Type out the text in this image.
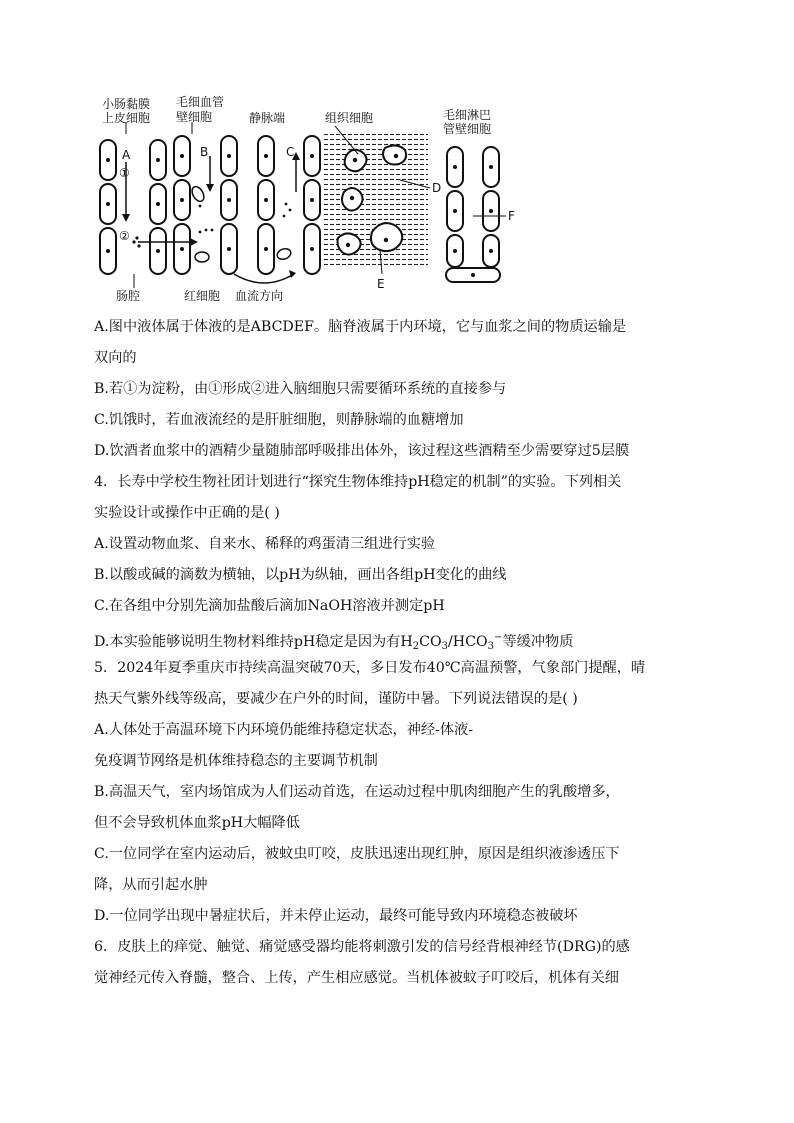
小肠黏膜
上皮细胞
毛细血管
壁细胞	静脉端	组织细胞	毛细淋巴
管壁细胞
A
①
②
B	C
D
E
F
肠腔	红细胞 血流方向
A.图中液体属于体液的是ABCDEF。脑脊液属于内环境，它与血浆之间的物质运输是
双向的
B.若①为淀粉，由①形成②进入脑细胞只需要循环系统的直接参与
C.饥饿时，若血液流经的是肝脏细胞，则静脉端的血糖增加
D.饮酒者血浆中的酒精少量随肺部呼吸排出体外，该过程这些酒精至少需要穿过5层膜
4．长寿中学校生物社团计划进行“探究生物体维持pH稳定的机制”的实验。下列相关
实验设计或操作中正确的是( )
A.设置动物血浆、自来水、稀释的鸡蛋清三组进行实验
B.以酸或碱的滴数为横轴，以pH为纵轴，画出各组pH变化的曲线
C.在各组中分别先滴加盐酸后滴加NaOH溶液并测定pH
D.本实验能够说明生物材料维持pH稳定是因为有$H_2CO_3/HCO_3^-$等缓冲物质
5．2024年夏季重庆市持续高温突破70天，多日发布40℃高温预警，气象部门提醒，晴
热天气紫外线等级高，要减少在户外的时间，谨防中暑。下列说法错误的是( )
A.人体处于高温环境下内环境仍能维持稳定状态，神经-体液-
免疫调节网络是机体维持稳态的主要调节机制
B.高温天气，室内场馆成为人们运动首选，在运动过程中肌肉细胞产生的乳酸增多，
但不会导致机体血浆pH大幅降低
C.一位同学在室内运动后，被蚊虫叮咬，皮肤迅速出现红肿，原因是组织液渗透压下
降，从而引起水肿
D.一位同学出现中暑症状后，并未停止运动，最终可能导致内环境稳态被破坏
6．皮肤上的痒觉、触觉、痛觉感受器均能将刺激引发的信号经背根神经节(DRG)的感
觉神经元传入脊髓，整合、上传，产生相应感觉。当机体被蚊子叮咬后，机体有关细
